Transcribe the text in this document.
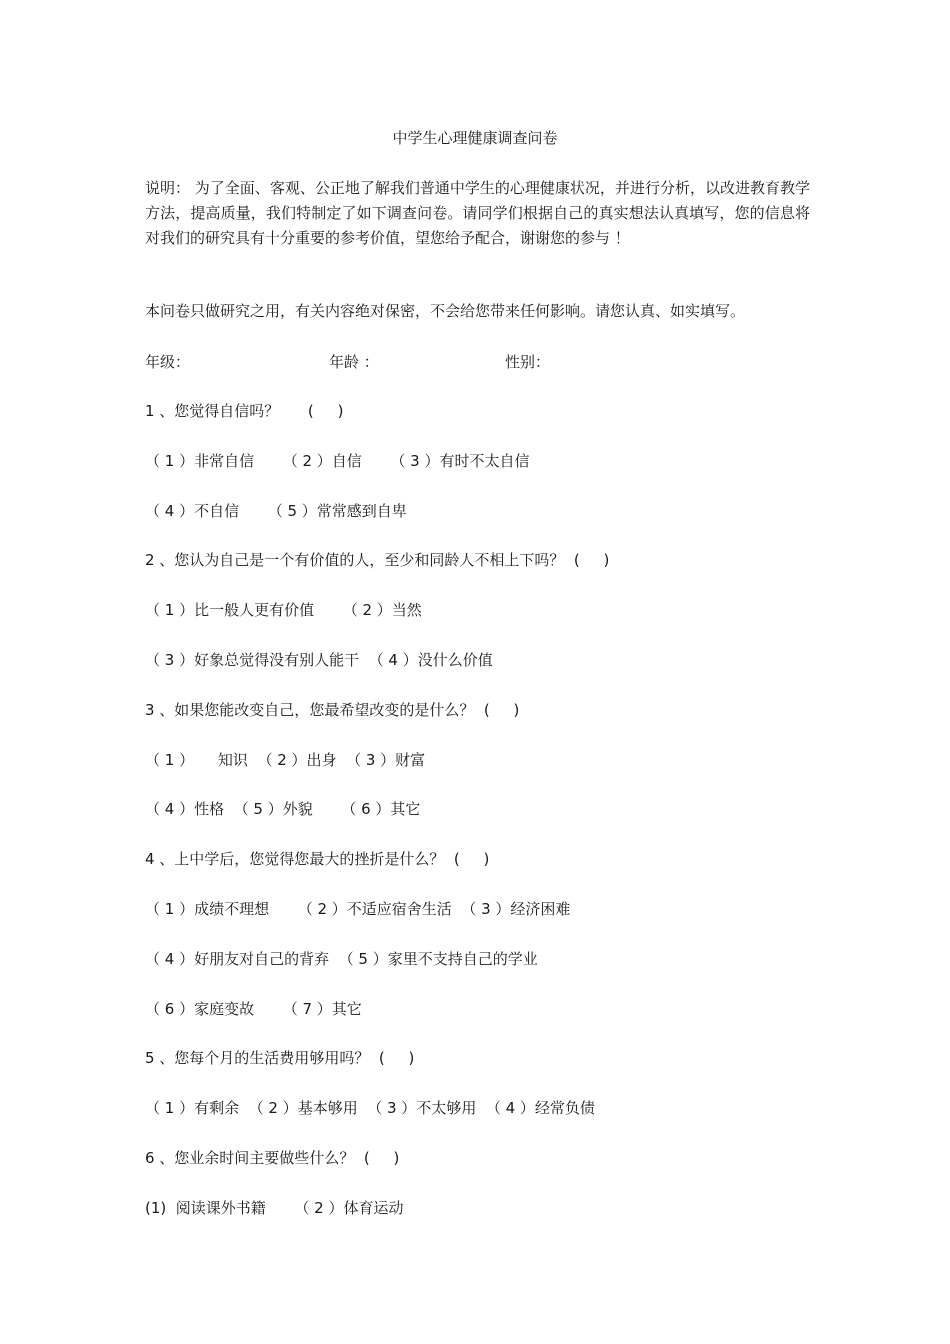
中学生心理健康调查问卷
说明： 为了全面、客观、公正地了解我们普通中学生的心理健康状况，并进行分析，以改进教育教学方法，提高质量，我们特制定了如下调查问卷。请同学们根据自己的真实想法认真填写，您的信息将对我们的研究具有十分重要的参考价值，望您给予配合，谢谢您的参与 ！
本问卷只做研究之用，有关内容绝对保密，不会给您带来任何影响。请您认真、如实填写。
年级：	年龄 ：	性别：
1 、您觉得自信吗？      (     )
（ 1 ）非常自信      （ 2 ）自信      （ 3 ）有时不太自信
（ 4 ）不自信      （ 5 ）常常感到自卑
2 、您认为自己是一个有价值的人，至少和同龄人不相上下吗？  (     )
（ 1 ）比一般人更有价值      （ 2 ）当然
（ 3 ）好象总觉得没有别人能干  （ 4 ）没什么价值
3 、如果您能改变自己，您最希望改变的是什么？  (     )
（ 1 ）     知识  （ 2 ）出身  （ 3 ）财富
（ 4 ）性格  （ 5 ）外貌      （ 6 ）其它
4 、上中学后，您觉得您最大的挫折是什么？  (     )
（ 1 ）成绩不理想      （ 2 ）不适应宿舍生活  （ 3 ）经济困难
（ 4 ）好朋友对自己的背弃  （ 5 ）家里不支持自己的学业
（ 6 ）家庭变故      （ 7 ）其它
5 、您每个月的生活费用够用吗？  (     )
（ 1 ）有剩余  （ 2 ）基本够用  （ 3 ）不太够用  （ 4 ）经常负债
6 、您业余时间主要做些什么？  (     )
(1)  阅读课外书籍      （ 2 ）体育运动
